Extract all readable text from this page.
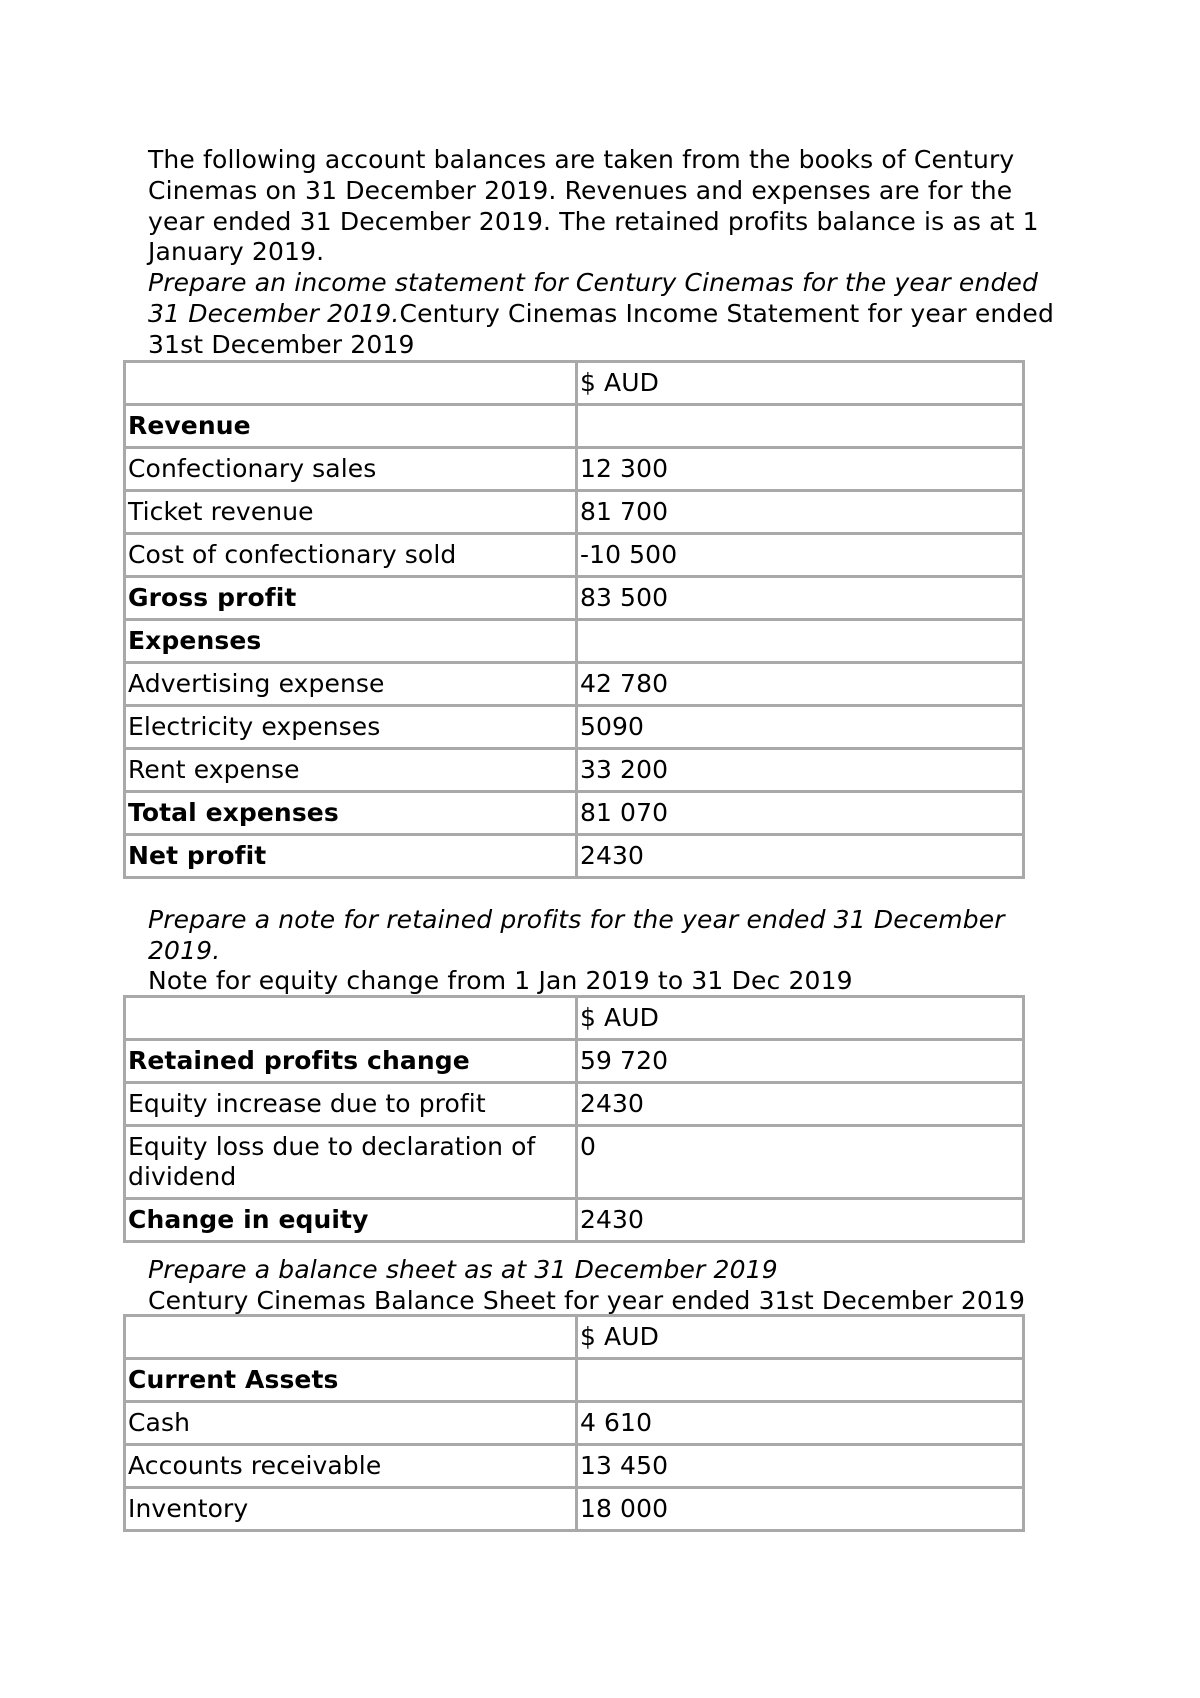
The following account balances are taken from the books of Century Cinemas on 31 December 2019. Revenues and expenses are for the year ended 31 December 2019. The retained profits balance is as at 1 January 2019.
Prepare an income statement for Century Cinemas for the year ended 31 December 2019.Century Cinemas Income Statement for year ended 31st December 2019

	$ AUD
Revenue	
Confectionary sales	12 300
Ticket revenue	81 700
Cost of confectionary sold	-10 500
Gross profit	83 500
Expenses	
Advertising expense	42 780
Electricity expenses	5090
Rent expense	33 200
Total expenses	81 070
Net profit	2430

Prepare a note for retained profits for the year ended 31 December 2019.

Note for equity change from 1 Jan 2019 to 31 Dec 2019

	$ AUD
Retained profits change	59 720
Equity increase due to profit	2430
Equity loss due to declaration of dividend	0
Change in equity	2430

Prepare a balance sheet as at 31 December 2019

Century Cinemas Balance Sheet for year ended 31st December 2019

	$ AUD
Current Assets	
Cash	4 610
Accounts receivable	13 450
Inventory	18 000
